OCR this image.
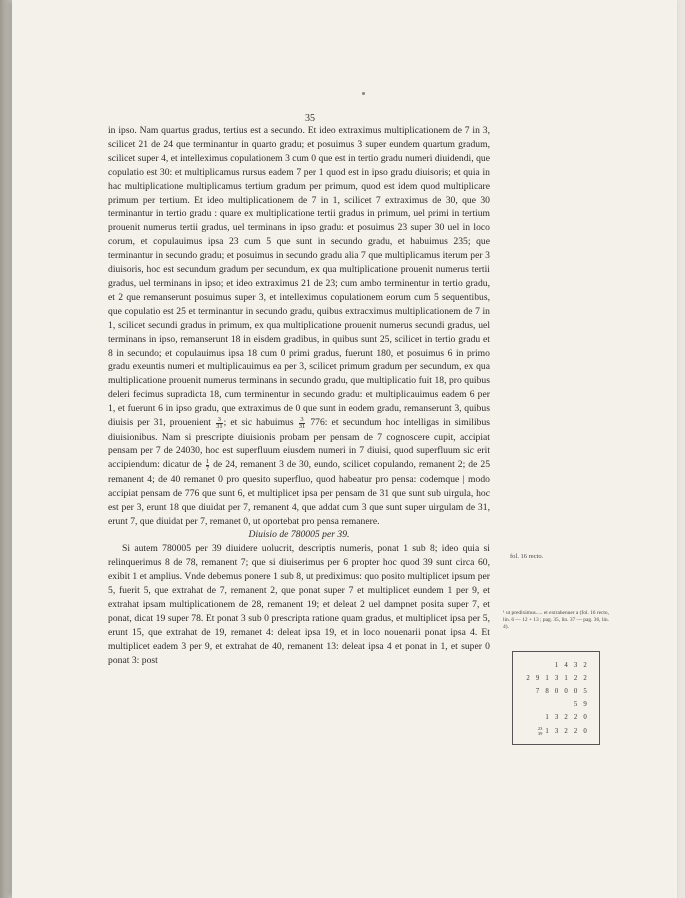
35

in ipso. Nam quartus gradus, tertius est a secundo. Et ideo extraximus multiplicationem de 7 in 3, scilicet 21 de 24 que terminantur in quarto gradu; et posuimus 3 super eundem quartum gradum, scilicet super 4, et intelleximus copulationem 3 cum 0 que est in tertio gradu numeri diuidendi, que copulatio est 30: et multiplicamus rursus eadem 7 per 1 quod est in ipso gradu diuisoris; et quia in hac multiplicatione multiplicamus tertium gradum per primum, quod est idem quod multiplicare primum per tertium. Et ideo multiplicationem de 7 in 1, scilicet 7 extraximus de 30, que 30 terminantur in tertio gradu : quare ex multiplicatione tertii gradus in primum, uel primi in tertium prouenit numerus tertii gradus, uel terminans in ipso gradu: et posuimus 23 super 30 uel in loco corum, et copulauimus ipsa 23 cum 5 que sunt in secundo gradu, et habuimus 235; que terminantur in secundo gradu; et posuimus in secundo gradu alia 7 que multiplicamus iterum per 3 diuisoris, hoc est secundum gradum per secundum, ex qua multiplicatione prouenit numerus tertii gradus, uel terminans in ipso; et ideo extraximus 21 de 23; cum ambo terminentur in tertio gradu, et 2 que remanserunt posuimus super 3, et intelleximus copulationem eorum cum 5 sequentibus, que copulatio est 25 et terminantur in secundo gradu, quibus extracximus multiplicationem de 7 in 1, scilicet secundi gradus in primum, ex qua multiplicatione prouenit numerus secundi gradus, uel terminans in ipso, remanserunt 18 in eisdem gradibus, in quibus sunt 25, scilicet in tertio gradu et 8 in secundo; et copulauimus ipsa 18 cum 0 primi gradus, fuerunt 180, et posuimus 6 in primo gradu exeuntis numeri et multiplicauimus ea per 3, scilicet primum gradum per secundum, ex qua multiplicatione prouenit numerus terminans in secundo gradu, que multiplicatio fuit 18, pro quibus deleri fecimus supradicta 18, cum terminentur in secundo gradu: et multiplicauimus eadem 6 per 1, et fuerunt 6 in ipso gradu, que extraximus de 0 que sunt in eodem gradu, remanserunt 3, quibus diuisis per 31, prouenient $\frac{3}{31}$ ; et sic habuimus $\frac{3}{31} 776$: et secundum hoc intelligas in similibus diuisionibus. Nam si prescripte diuisionis probam per pensam de 7 cognoscere cupit, accipiat pensam per 7 de 24030, hoc est superfluum eiusdem numeri in 7 diuisi, quod superfluum sic erit accipiendum: dicatur de $\frac{1}{7}$ de 24, remanent 3 de 30, eundo, scilicet copulando, remanent 2; de 25 remanent 4; de 40 remanet 0 pro quesito superfluo, quod habeatur pro pensa: codemque | modo accipiat pensam de 776 que sunt 6, et multiplicet ipsa per pensam de 31 que sunt sub uirgula, hoc est per 3, erunt 18 que diuidat per 7, remanent 4, que addat cum 3 que sunt super uirgulam de 31, erunt 7, que diuidat per 7, remanet 0, ut oportebat pro pensa remanere.

Diuisio de 780005 per 39.

Si autem 780005 per 39 diuidere uolucrit, descriptis numeris, ponat 1 sub 8; ideo quia si relinquerimus 8 de 78, remanent 7; que si diuiserimus per 6 propter hoc quod 39 sunt circa 60, exibit 1 et amplius. Vnde debemus ponere 1 sub 8, ut prediximus: quo posito multiplicet ipsum per 5, fuerit 5, que extrahat de 7, remanent 2, que ponat super 7 et multiplicet eundem 1 per 9, et extrahat ipsam multiplicationem de 28, remanent 19; et deleat 2 uel dampnet posita super 7, et ponat, dicat 19 super 78. Et ponat 3 sub 0 prescripta ratione quam gradus, et multiplicet ipsa per 5, erunt 15, que extrahat de 19, remanet 4: deleat ipsa 19, et in loco nouenarii ponat ipsa 4. Et multiplicet eadem 3 per 9, et extrahat de 40, remanent 13: deleat ipsa 4 et ponat in 1, et super 0 ponat 3: post

fol. 16 recto.
¹ ut prediximus..... et extrahenuer a (fol. 16 recto, lin. 6 — 12 + 13 ; pag. 35, lin. 37 — pag. 36, lin. 4).
1 4 3 2
2 9 1 3 1 2 2
7 8 0 0 0 5
5 9
1 3 2 2 0
23
39 1 3 2 2 0
